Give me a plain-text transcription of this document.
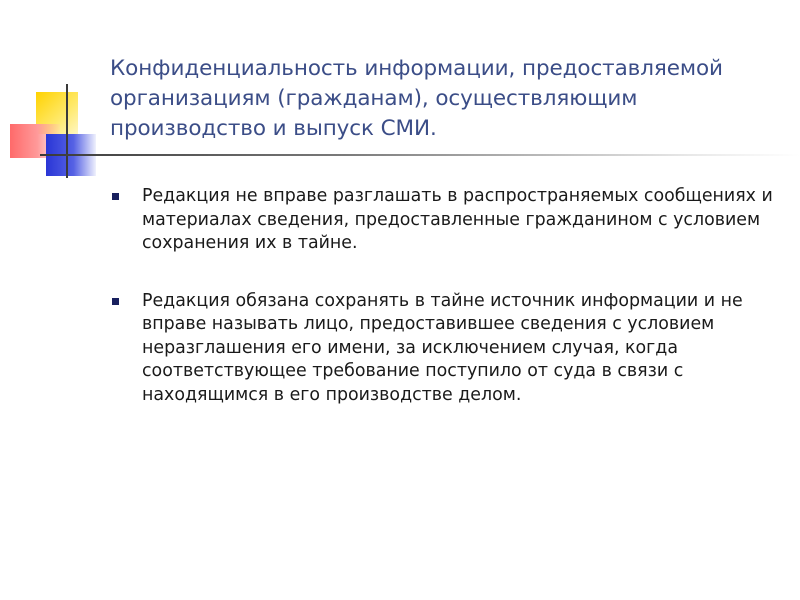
Конфиденциальность информации, предоставляемой организациям (гражданам), осуществляющим производство и выпуск СМИ.
Редакция не вправе разглашать в распространяемых сообщениях и материалах сведения, предоставленные гражданином с условием сохранения их в тайне.
Редакция обязана сохранять в тайне источник информации и не вправе называть лицо, предоставившее сведения с условием неразглашения его имени, за исключением случая, когда соответствующее требование поступило от суда в связи с находящимся в его производстве делом.
